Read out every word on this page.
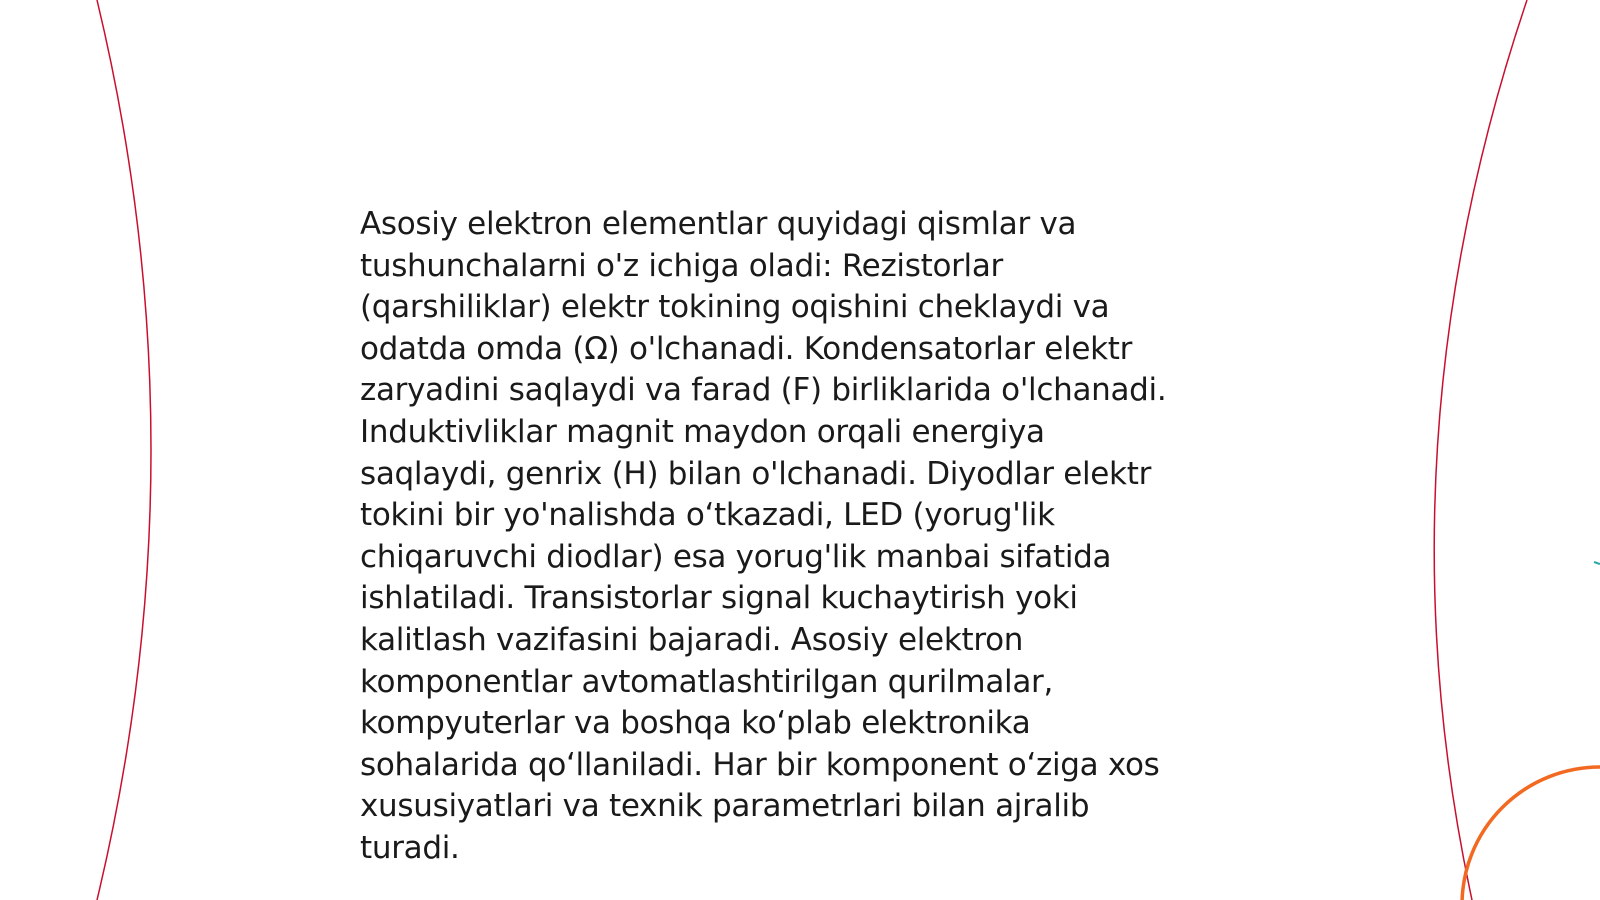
Asosiy elektron elementlar quyidagi qismlar va
tushunchalarni o'z ichiga oladi: Rezistorlar
(qarshiliklar) elektr tokining oqishini cheklaydi va
odatda omda (Ω) o'lchanadi. Kondensatorlar elektr
zaryadini saqlaydi va farad (F) birliklarida o'lchanadi.
Induktivliklar magnit maydon orqali energiya
saqlaydi, genrix (H) bilan o'lchanadi. Diyodlar elektr
tokini bir yo'nalishda oʻtkazadi, LED (yorug'lik
chiqaruvchi diodlar) esa yorug'lik manbai sifatida
ishlatiladi. Transistorlar signal kuchaytirish yoki
kalitlash vazifasini bajaradi. Asosiy elektron
komponentlar avtomatlashtirilgan qurilmalar,
kompyuterlar va boshqa koʻplab elektronika
sohalarida qoʻllaniladi. Har bir komponent oʻziga xos
xususiyatlari va texnik parametrlari bilan ajralib
turadi.
